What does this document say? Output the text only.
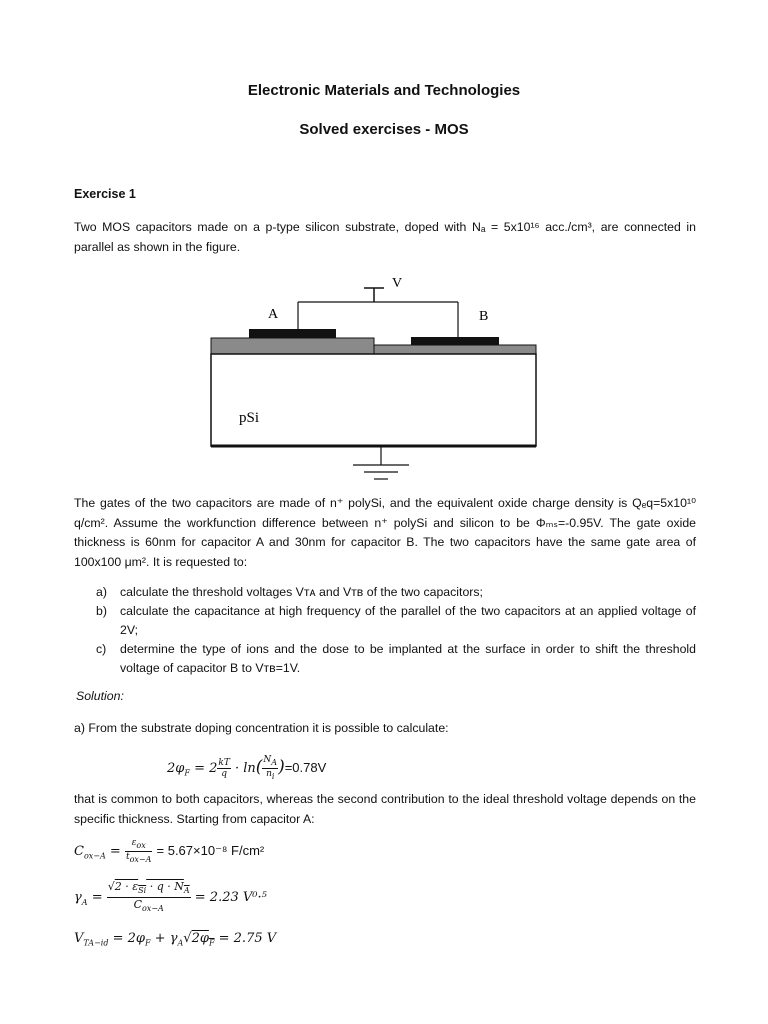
Electronic Materials and Technologies
Solved exercises - MOS
Exercise 1
Two MOS capacitors made on a p-type silicon substrate, doped with Nₐ = 5x10¹⁶ acc./cm³, are connected in parallel as shown in the figure.
V
A	B
pSi
The gates of the two capacitors are made of n⁺ polySi, and the equivalent oxide charge density is Qₑq=5x10¹⁰ q/cm². Assume the workfunction difference between n⁺ polySi and silicon to be Φₘₛ=-0.95V. The gate oxide thickness is 60nm for capacitor A and 30nm for capacitor B. The two capacitors have the same gate area of 100x100 μm². It is requested to:
a) calculate the threshold voltages Vᴛᴀ and Vᴛʙ of the two capacitors;
b) calculate the capacitance at high frequency of the parallel of the two capacitors at an applied voltage of 2V;
c) determine the type of ions and the dose to be implanted at the surface in order to shift the threshold voltage of capacitor B to Vᴛʙ=1V.
Solution:
a) From the substrate doping concentration it is possible to calculate:
$2\varphi_F = 2 \frac{kT}{q} \cdot \ln( \frac{N_A}{n_i} )=0.78V$
that is common to both capacitors, whereas the second contribution to the ideal threshold voltage depends on the specific thickness. Starting from capacitor A:
$C_{ox-A} = \frac{\varepsilon_{ox}}{t_{ox-A}} = 5.67\times 10^{-8}$ F/cm²
$\gamma_A = \frac{√2 \cdot \varepsilon_{Si} \cdot q \cdot N_A}{C_{ox-A}} = 2.23$ V⁰·⁵
$V_{TA-id} = 2\varphi_F + \gamma_A√2\varphi_F = 2.75$ V
